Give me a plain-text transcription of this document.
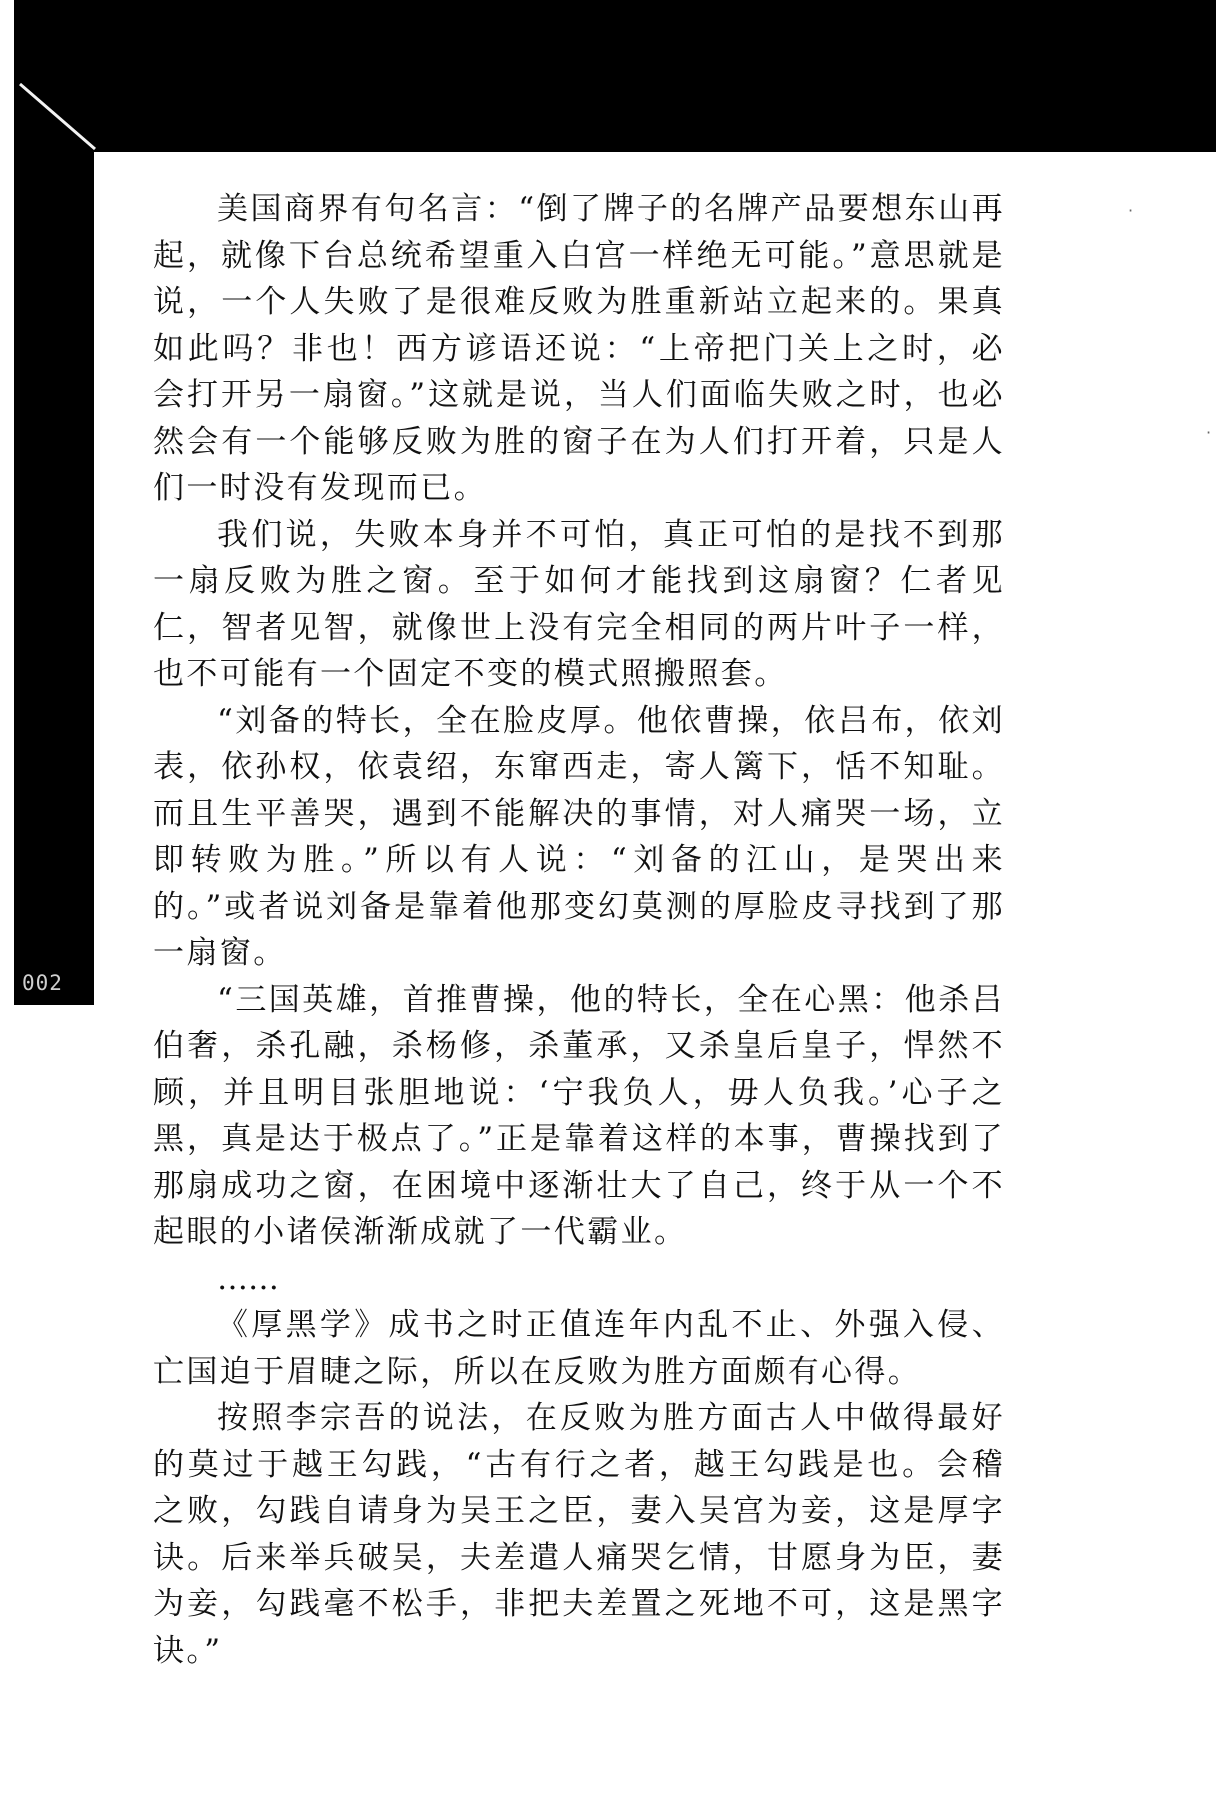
002
·
·

美国商界有句名言：“倒了牌子的名牌产品要想东山再起，就像下台总统希望重入白宫一样绝无可能。”意思就是说，一个人失败了是很难反败为胜重新站立起来的。果真如此吗？非也！西方谚语还说：“上帝把门关上之时，必会打开另一扇窗。”这就是说，当人们面临失败之时，也必然会有一个能够反败为胜的窗子在为人们打开着，只是人们一时没有发现而已。

我们说，失败本身并不可怕，真正可怕的是找不到那一扇反败为胜之窗。至于如何才能找到这扇窗？仁者见仁，智者见智，就像世上没有完全相同的两片叶子一样，也不可能有一个固定不变的模式照搬照套。

“刘备的特长，全在脸皮厚。他依曹操，依吕布，依刘表，依孙权，依袁绍，东窜西走，寄人篱下，恬不知耻。而且生平善哭，遇到不能解决的事情，对人痛哭一场，立即转败为胜。”所以有人说：“刘备的江山，是哭出来的。”或者说刘备是靠着他那变幻莫测的厚脸皮寻找到了那一扇窗。

“三国英雄，首推曹操，他的特长，全在心黑：他杀吕伯奢，杀孔融，杀杨修，杀董承，又杀皇后皇子，悍然不顾，并且明目张胆地说：‘宁我负人，毋人负我。’心子之黑，真是达于极点了。”正是靠着这样的本事，曹操找到了那扇成功之窗，在困境中逐渐壮大了自己，终于从一个不起眼的小诸侯渐渐成就了一代霸业。

……

《厚黑学》成书之时正值连年内乱不止、外强入侵、亡国迫于眉睫之际，所以在反败为胜方面颇有心得。

按照李宗吾的说法，在反败为胜方面古人中做得最好的莫过于越王勾践，“古有行之者，越王勾践是也。会稽之败，勾践自请身为吴王之臣，妻入吴宫为妾，这是厚字诀。后来举兵破吴，夫差遣人痛哭乞情，甘愿身为臣，妻为妾，勾践毫不松手，非把夫差置之死地不可，这是黑字诀。”
